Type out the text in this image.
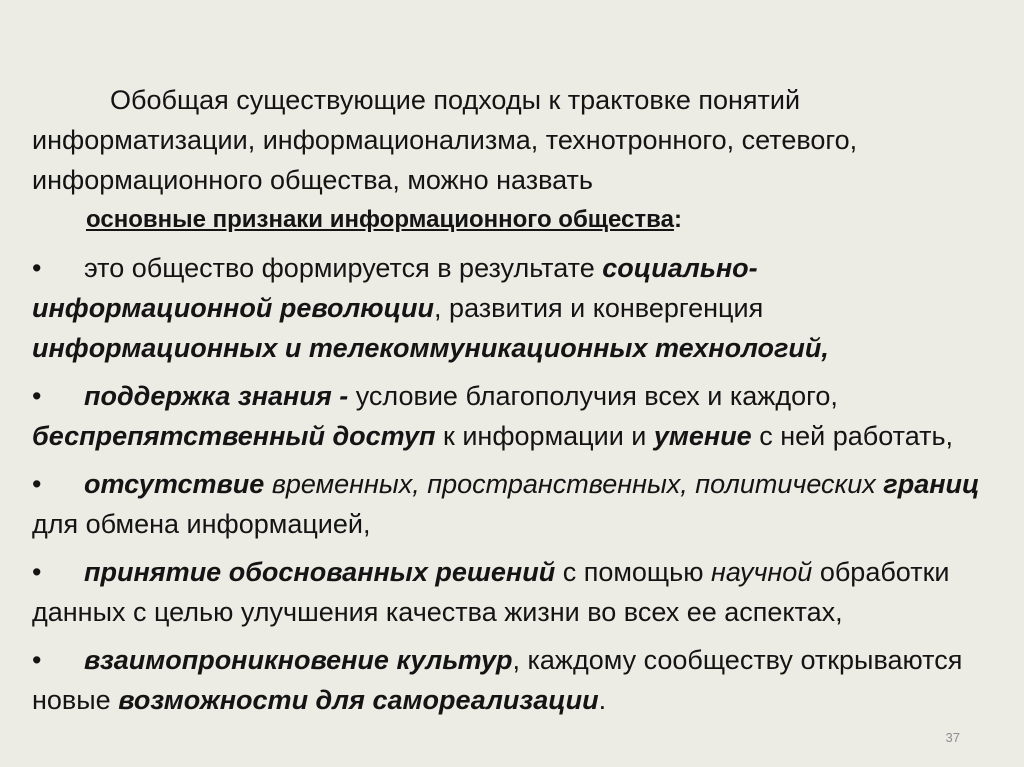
Обобщая существующие подходы к трактовке понятий
информатизации, информационализма, технотронного, сетевого,
информационного общества, можно назвать
основные признаки информационного общества:
•	это общество формируется в результате социально-
информационной революции, развития и конвергенция
информационных и телекоммуникационных технологий,
•	поддержка знания - условие благополучия всех и каждого,
беспрепятственный доступ к информации и умение с ней работать,
•	отсутствие временных, пространственных, политических границ
для обмена информацией,
•	принятие обоснованных решений с помощью научной обработки
данных с целью улучшения качества жизни во всех ее аспектах,
•	взаимопроникновение культур, каждому сообществу открываются
новые возможности для самореализации.
37
